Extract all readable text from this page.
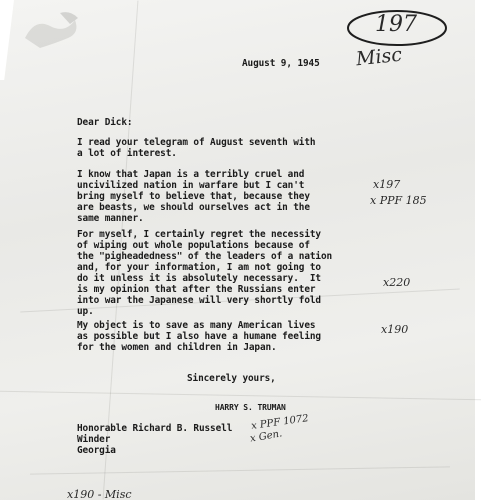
197
Misc
August 9, 1945
Dear Dick:
I read your telegram of August seventh with
a lot of interest.
I know that Japan is a terribly cruel and
uncivilized nation in warfare but I can't
bring myself to believe that, because they
are beasts, we should ourselves act in the
same manner.
For myself, I certainly regret the necessity
of wiping out whole populations because of
the "pigheadedness" of the leaders of a nation
and, for your information, I am not going to
do it unless it is absolutely necessary.  It
is my opinion that after the Russians enter
into war the Japanese will very shortly fold
up.
My object is to save as many American lives
as possible but I also have a humane feeling
for the women and children in Japan.
Sincerely yours,
HARRY S. TRUMAN
Honorable Richard B. Russell
Winder
Georgia
x197
x PPF 185
x220
x190
x PPF 1072
x Gen.
x190 - Misc
